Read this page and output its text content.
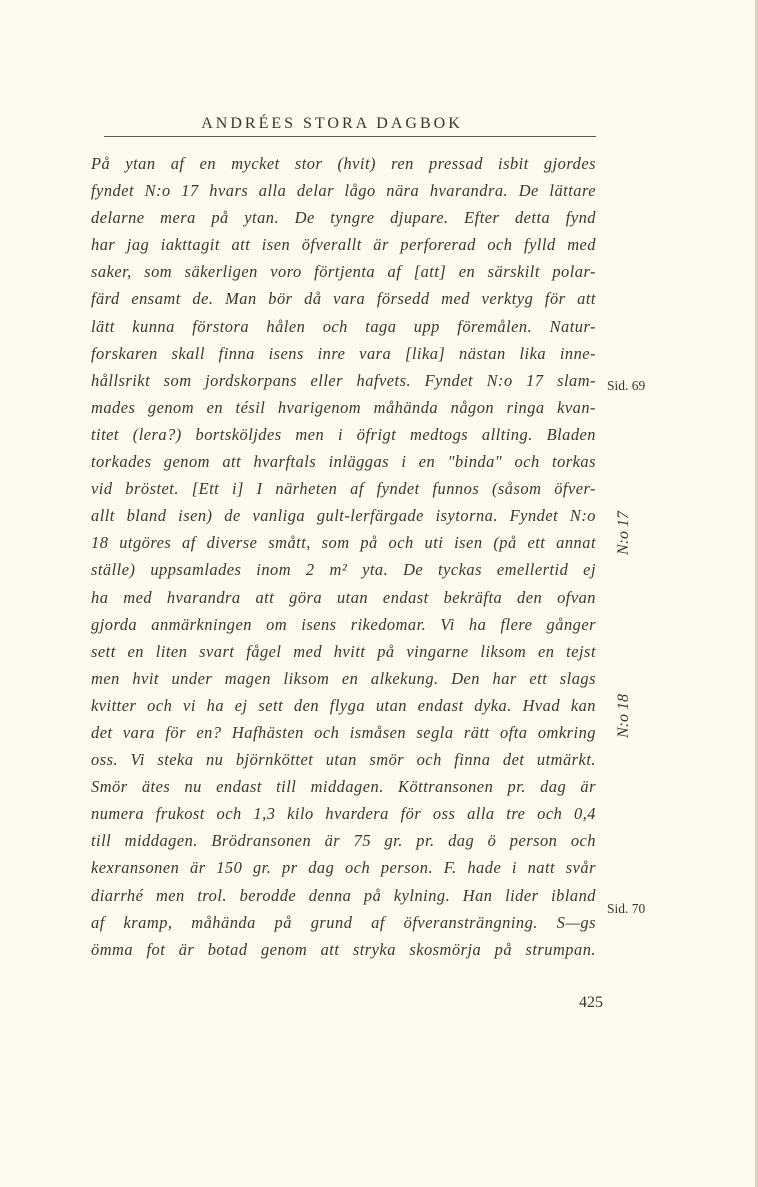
ANDRÉES STORA DAGBOK
På ytan af en mycket stor (hvit) ren pressad isbit gjordes
fyndet N:o 17 hvars alla delar lågo nära hvarandra. De lättare
delarne mera på ytan. De tyngre djupare. Efter detta fynd
har jag iakttagit att isen öfverallt är perforerad och fylld med
saker, som säkerligen voro förtjenta af [att] en särskilt polar-
färd ensamt de. Man bör då vara försedd med verktyg för att
lätt kunna förstora hålen och taga upp föremålen. Natur-
forskaren skall finna isens inre vara [lika] nästan lika inne-
hållsrikt som jordskorpans eller hafvets. Fyndet N:o 17 slam-
mades genom en tésil hvarigenom måhända någon ringa kvan-
titet (lera?) bortsköljdes men i öfrigt medtogs allting. Bladen
torkades genom att hvarftals inläggas i en "binda" och torkas
vid bröstet. [Ett i] I närheten af fyndet funnos (såsom öfver-
allt bland isen) de vanliga gult-lerfärgade isytorna. Fyndet N:o
18 utgöres af diverse smått, som på och uti isen (på ett annat
ställe) uppsamlades inom 2 m² yta. De tyckas emellertid ej
ha med hvarandra att göra utan endast bekräfta den ofvan
gjorda anmärkningen om isens rikedomar. Vi ha flere gånger
sett en liten svart fågel med hvitt på vingarne liksom en tejst
men hvit under magen liksom en alkekung. Den har ett slags
kvitter och vi ha ej sett den flyga utan endast dyka. Hvad kan
det vara för en? Hafhästen och ismåsen segla rätt ofta omkring
oss. Vi steka nu björnköttet utan smör och finna det utmärkt.
Smör ätes nu endast till middagen. Köttransonen pr. dag är
numera frukost och 1,3 kilo hvardera för oss alla tre och 0,4
till middagen. Brödransonen är 75 gr. pr. dag ö person och
kexransonen är 150 gr. pr dag och person. F. hade i natt svår
diarrhé men trol. berodde denna på kylning. Han lider ibland
af kramp, måhända på grund af öfveransträngning. S—gs
ömma fot är botad genom att stryka skosmörja på strumpan.
Sid. 69
N:o 17
N:o 18
Sid. 70
425
